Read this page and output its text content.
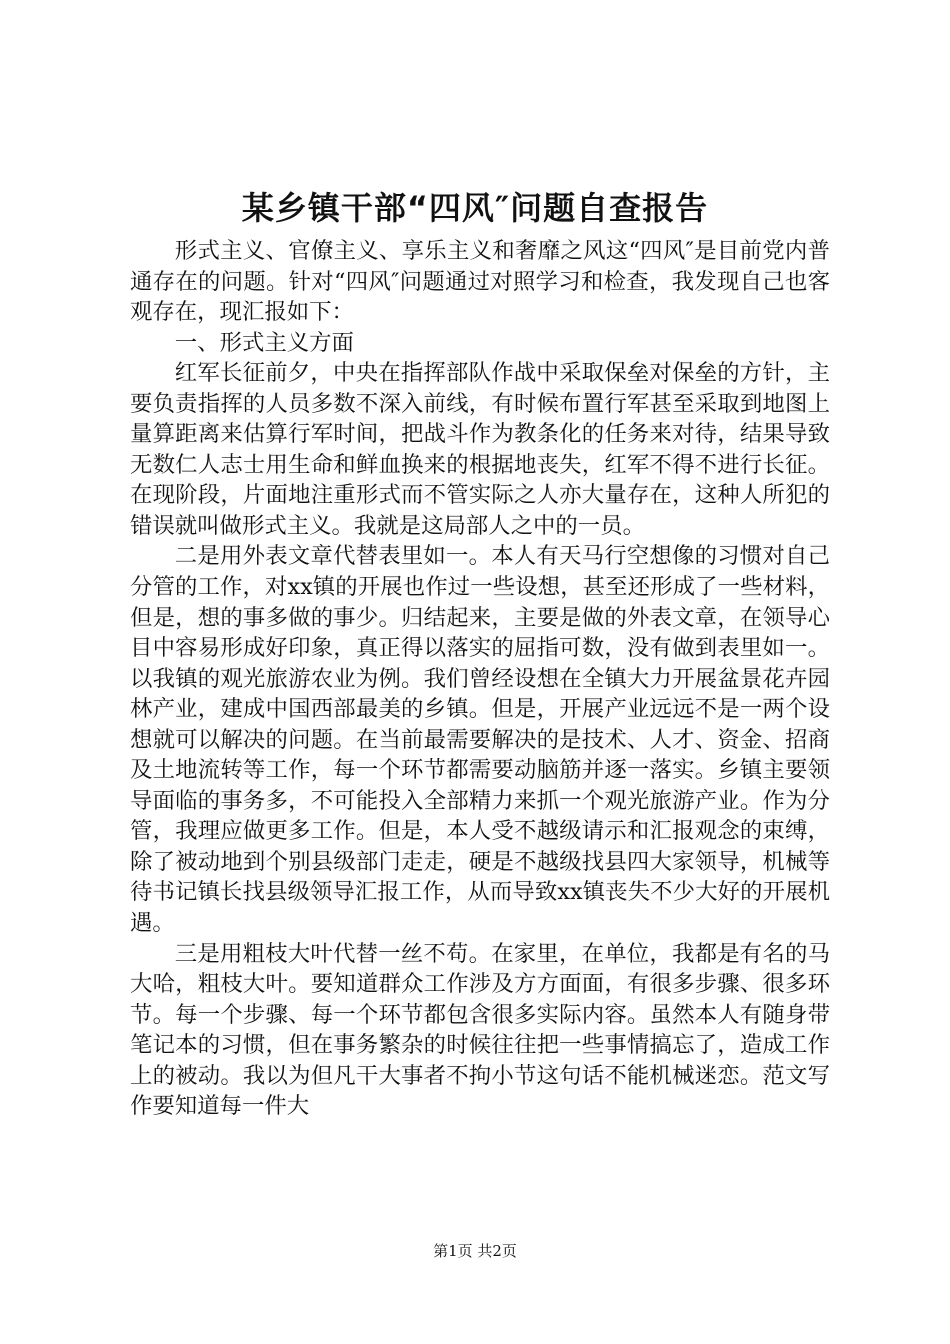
某乡镇干部“四风″问题自查报告

形式主义、官僚主义、享乐主义和奢靡之风这“四风″是目前党内普通存在的问题。针对“四风″问题通过对照学习和检查，我发现自己也客观存在，现汇报如下：

一、形式主义方面

红军长征前夕，中央在指挥部队作战中采取保垒对保垒的方针，主要负责指挥的人员多数不深入前线，有时候布置行军甚至采取到地图上量算距离来估算行军时间，把战斗作为教条化的任务来对待，结果导致无数仁人志士用生命和鲜血换来的根据地丧失，红军不得不进行长征。在现阶段，片面地注重形式而不管实际之人亦大量存在，这种人所犯的错误就叫做形式主义。我就是这局部人之中的一员。

二是用外表文章代替表里如一。本人有天马行空想像的习惯对自己分管的工作，对xx镇的开展也作过一些设想，甚至还形成了一些材料，但是，想的事多做的事少。归结起来，主要是做的外表文章，在领导心目中容易形成好印象，真正得以落实的屈指可数，没有做到表里如一。以我镇的观光旅游农业为例。我们曾经设想在全镇大力开展盆景花卉园林产业，建成中国西部最美的乡镇。但是，开展产业远远不是一两个设想就可以解决的问题。在当前最需要解决的是技术、人才、资金、招商及土地流转等工作，每一个环节都需要动脑筋并逐一落实。乡镇主要领导面临的事务多，不可能投入全部精力来抓一个观光旅游产业。作为分管，我理应做更多工作。但是，本人受不越级请示和汇报观念的束缚，除了被动地到个别县级部门走走，硬是不越级找县四大家领导，机械等待书记镇长找县级领导汇报工作，从而导致xx镇丧失不少大好的开展机遇。

三是用粗枝大叶代替一丝不苟。在家里，在单位，我都是有名的马大哈，粗枝大叶。要知道群众工作涉及方方面面，有很多步骤、很多环节。每一个步骤、每一个环节都包含很多实际内容。虽然本人有随身带笔记本的习惯，但在事务繁杂的时候往往把一些事情搞忘了，造成工作上的被动。我以为但凡干大事者不拘小节这句话不能机械迷恋。范文写作要知道每一件大

第1页 共2页
